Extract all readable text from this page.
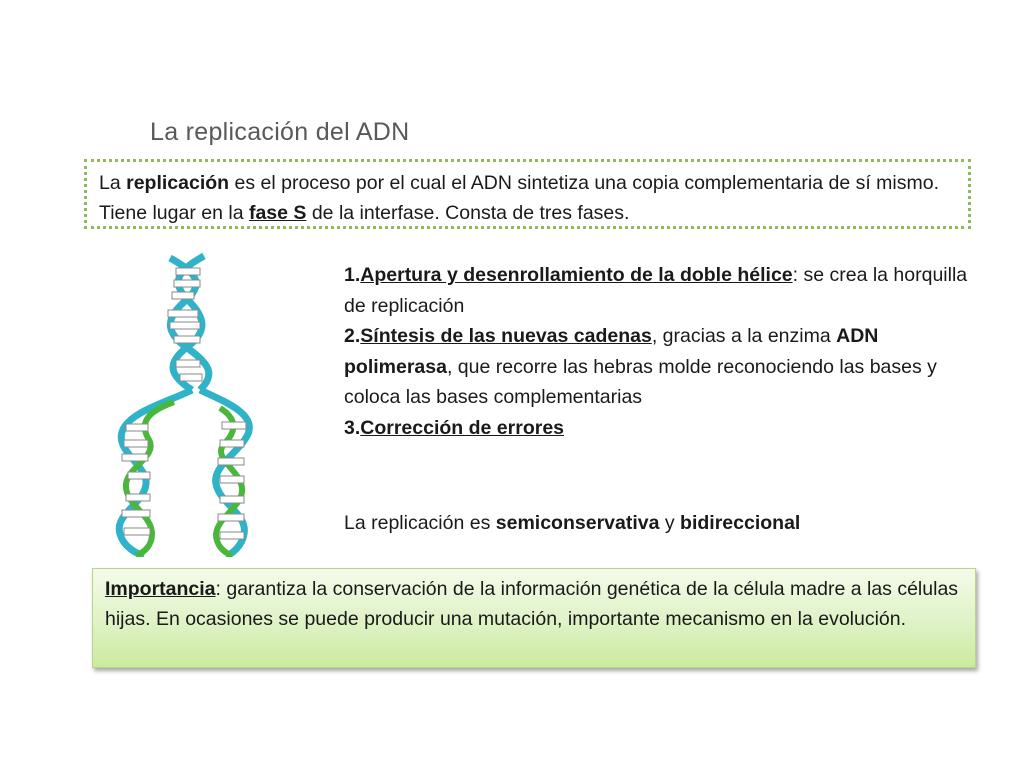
La replicación del ADN
La replicación es el proceso por el cual el ADN sintetiza una copia complementaria de sí mismo. Tiene lugar en la fase S de la interfase. Consta de tres fases.

1.Apertura y desenrollamiento de la doble hélice: se crea la horquilla de replicación

2.Síntesis de las nuevas cadenas, gracias a la enzima ADN polimerasa, que recorre las hebras molde reconociendo las bases y coloca las bases complementarias

3.Corrección de errores

La replicación es semiconservativa y bidireccional
Importancia: garantiza la conservación de la información genética de la célula madre a las células hijas. En ocasiones se puede producir una mutación, importante mecanismo en la evolución.
